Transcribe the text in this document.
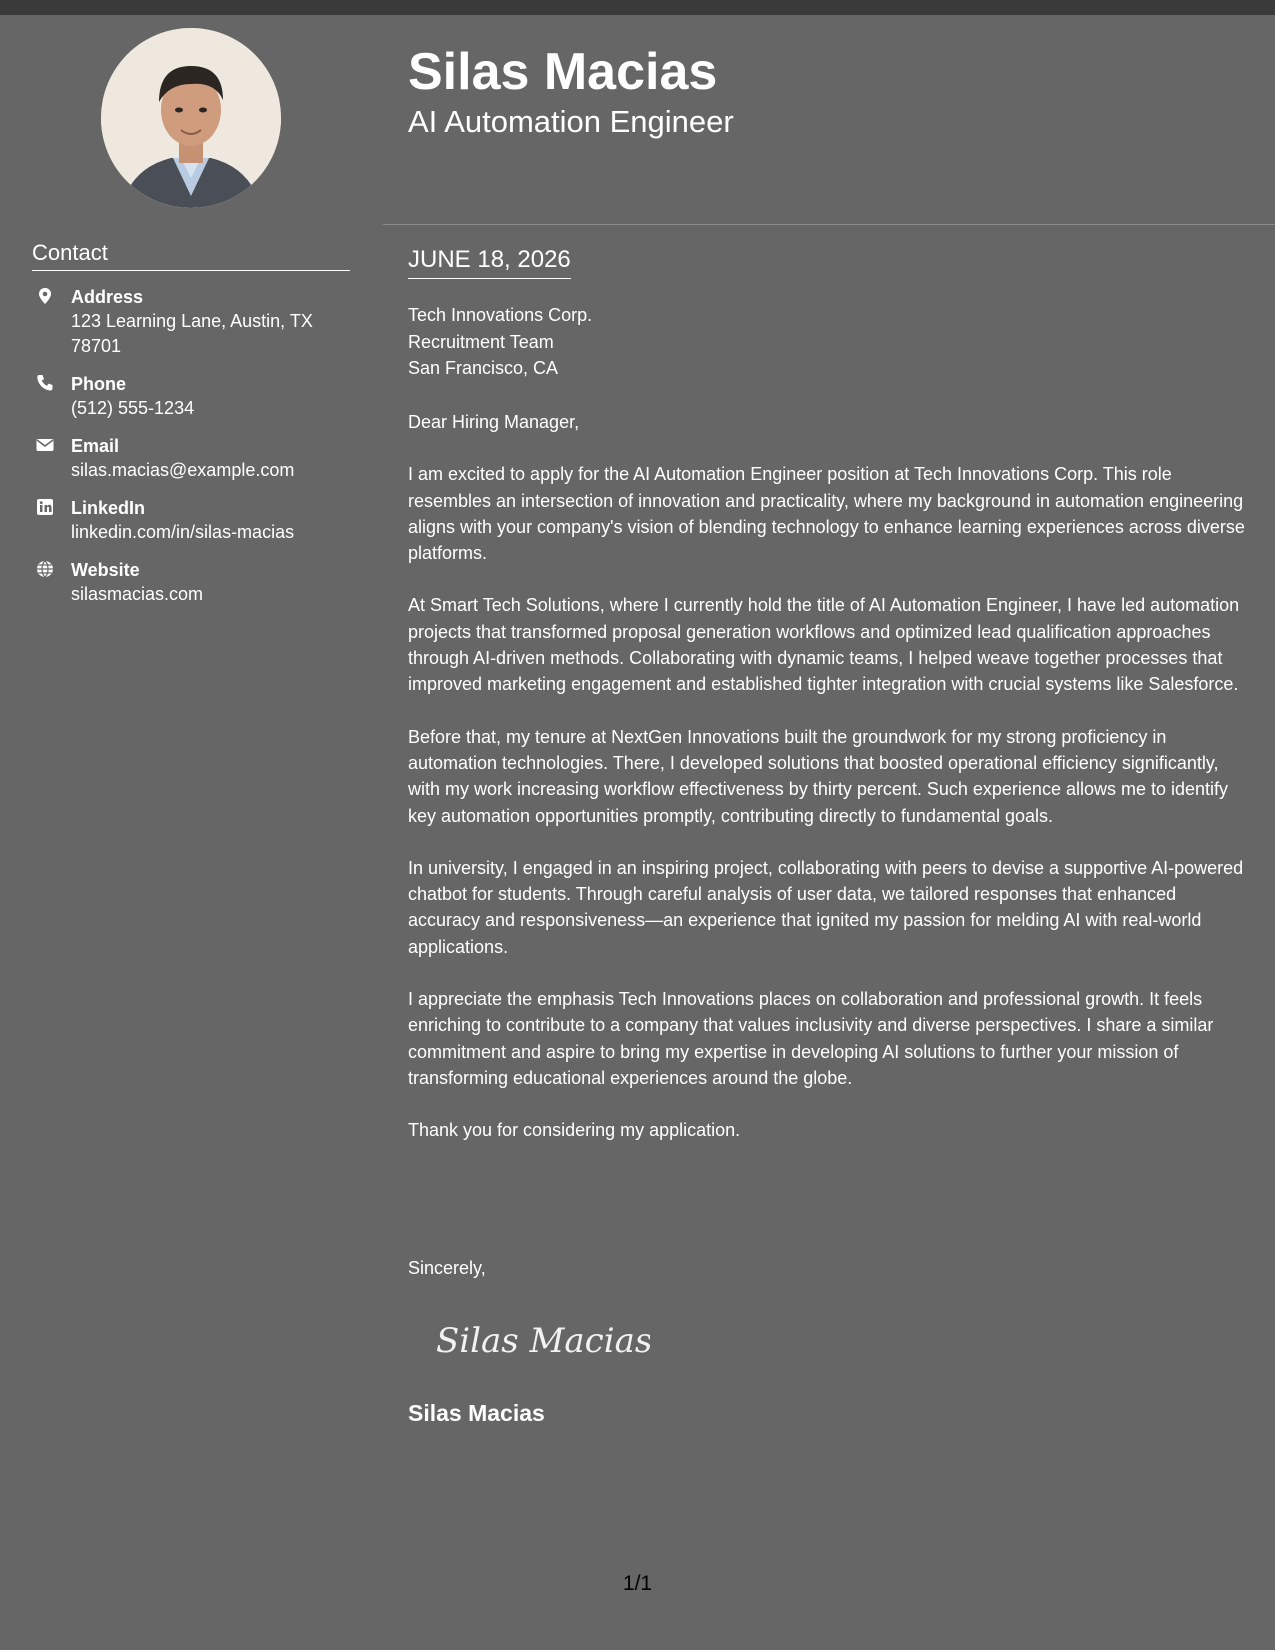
Contact
Address
123 Learning Lane, Austin, TX 78701
Phone
(512) 555-1234
Email
silas.macias@example.com
LinkedIn
linkedin.com/in/silas-macias
Website
silasmacias.com
Silas Macias
AI Automation Engineer
JUNE 18, 2026
Tech Innovations Corp.
Recruitment Team
San Francisco, CA

Dear Hiring Manager,

I am excited to apply for the AI Automation Engineer position at Tech Innovations Corp. This role resembles an intersection of innovation and practicality, where my background in automation engineering aligns with your company's vision of blending technology to enhance learning experiences across diverse platforms.

At Smart Tech Solutions, where I currently hold the title of AI Automation Engineer, I have led automation projects that transformed proposal generation workflows and optimized lead qualification approaches through AI-driven methods. Collaborating with dynamic teams, I helped weave together processes that improved marketing engagement and established tighter integration with crucial systems like Salesforce.

Before that, my tenure at NextGen Innovations built the groundwork for my strong proficiency in automation technologies. There, I developed solutions that boosted operational efficiency significantly, with my work increasing workflow effectiveness by thirty percent. Such experience allows me to identify key automation opportunities promptly, contributing directly to fundamental goals.

In university, I engaged in an inspiring project, collaborating with peers to devise a supportive AI-powered chatbot for students. Through careful analysis of user data, we tailored responses that enhanced accuracy and responsiveness—an experience that ignited my passion for melding AI with real-world applications.

I appreciate the emphasis Tech Innovations places on collaboration and professional growth. It feels enriching to contribute to a company that values inclusivity and diverse perspectives. I share a similar commitment and aspire to bring my expertise in developing AI solutions to further your mission of transforming educational experiences around the globe.

Thank you for considering my application.

Sincerely,
Silas Macias
Silas Macias
1/1
